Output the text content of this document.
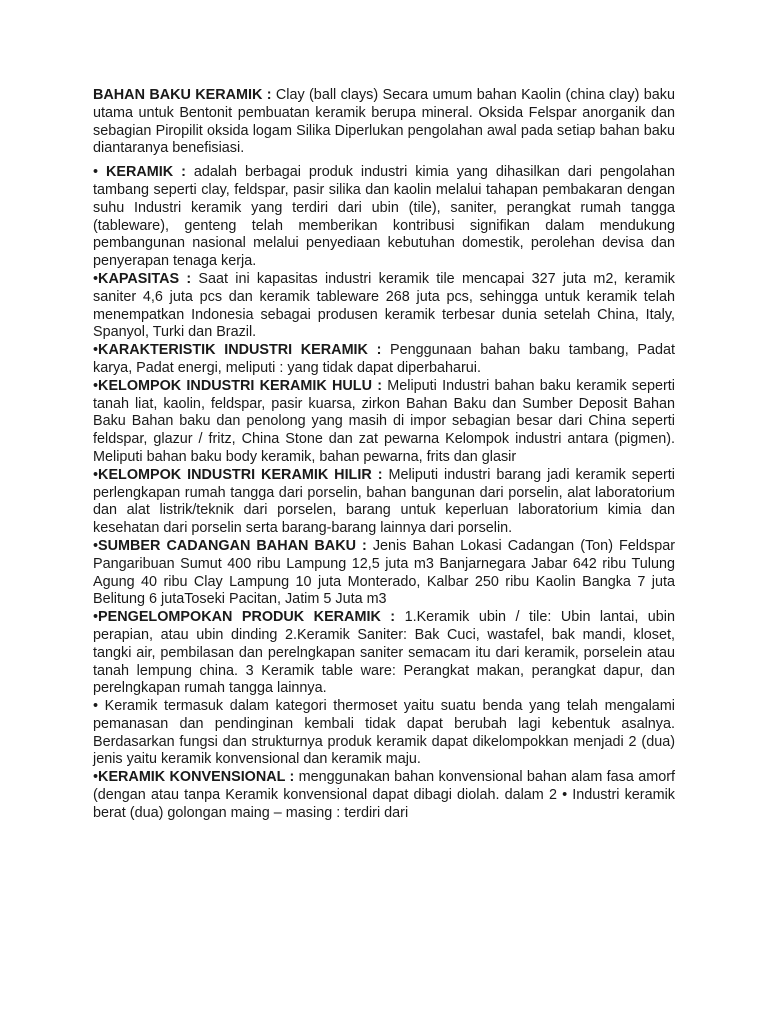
BAHAN BAKU KERAMIK : Clay (ball clays) Secara umum bahan Kaolin (china clay) baku utama untuk Bentonit pembuatan keramik berupa mineral. Oksida Felspar anorganik dan sebagian Piropilit oksida logam Silika Diperlukan pengolahan awal pada setiap bahan baku diantaranya benefisiasi.

• KERAMIK : adalah berbagai produk industri kimia yang dihasilkan dari pengolahan tambang seperti clay, feldspar, pasir silika dan kaolin melalui tahapan pembakaran dengan suhu Industri keramik yang terdiri dari ubin (tile), saniter, perangkat rumah tangga (tableware), genteng telah memberikan kontribusi signifikan dalam mendukung pembangunan nasional melalui penyediaan kebutuhan domestik, perolehan devisa dan penyerapan tenaga kerja.

•KAPASITAS : Saat ini kapasitas industri keramik tile mencapai 327 juta m2, keramik saniter 4,6 juta pcs dan keramik tableware 268 juta pcs, sehingga untuk keramik telah menempatkan Indonesia sebagai produsen keramik terbesar dunia setelah China, Italy, Spanyol, Turki dan Brazil.

•KARAKTERISTIK INDUSTRI KERAMIK : Penggunaan bahan baku tambang, Padat karya, Padat energi, meliputi : yang tidak dapat diperbaharui.

•KELOMPOK INDUSTRI KERAMIK HULU : Meliputi Industri bahan baku keramik seperti tanah liat, kaolin, feldspar, pasir kuarsa, zirkon Bahan Baku dan Sumber Deposit Bahan Baku Bahan baku dan penolong yang masih di impor sebagian besar dari China seperti feldspar, glazur / fritz, China Stone dan zat pewarna Kelompok industri antara (pigmen). Meliputi bahan baku body keramik, bahan pewarna, frits dan glasir

•KELOMPOK INDUSTRI KERAMIK HILIR : Meliputi industri barang jadi keramik seperti perlengkapan rumah tangga dari porselin, bahan bangunan dari porselin, alat laboratorium dan alat listrik/teknik dari porselen, barang untuk keperluan laboratorium kimia dan kesehatan dari porselin serta barang-barang lainnya dari porselin.

•SUMBER CADANGAN BAHAN BAKU : Jenis Bahan Lokasi Cadangan (Ton) Feldspar Pangaribuan Sumut 400 ribu Lampung 12,5 juta m3 Banjarnegara Jabar 642 ribu Tulung Agung 40 ribu Clay Lampung 10 juta Monterado, Kalbar 250 ribu Kaolin Bangka 7 juta Belitung 6 jutaToseki Pacitan, Jatim 5 Juta m3

•PENGELOMPOKAN PRODUK KERAMIK : 1.Keramik ubin / tile: Ubin lantai, ubin perapian, atau ubin dinding 2.Keramik Saniter: Bak Cuci, wastafel, bak mandi, kloset, tangki air, pembilasan dan perelngkapan saniter semacam itu dari keramik, porselein atau tanah lempung china. 3 Keramik table ware: Perangkat makan, perangkat dapur, dan perelngkapan rumah tangga lainnya.

• Keramik termasuk dalam kategori thermoset yaitu suatu benda yang telah mengalami pemanasan dan pendinginan kembali tidak dapat berubah lagi kebentuk asalnya. Berdasarkan fungsi dan strukturnya produk keramik dapat dikelompokkan menjadi 2 (dua) jenis yaitu keramik konvensional dan keramik maju.

•KERAMIK KONVENSIONAL : menggunakan bahan konvensional bahan alam fasa amorf (dengan atau tanpa Keramik konvensional dapat dibagi diolah. dalam 2 • Industri keramik berat (dua) golongan maing – masing : terdiri dari
